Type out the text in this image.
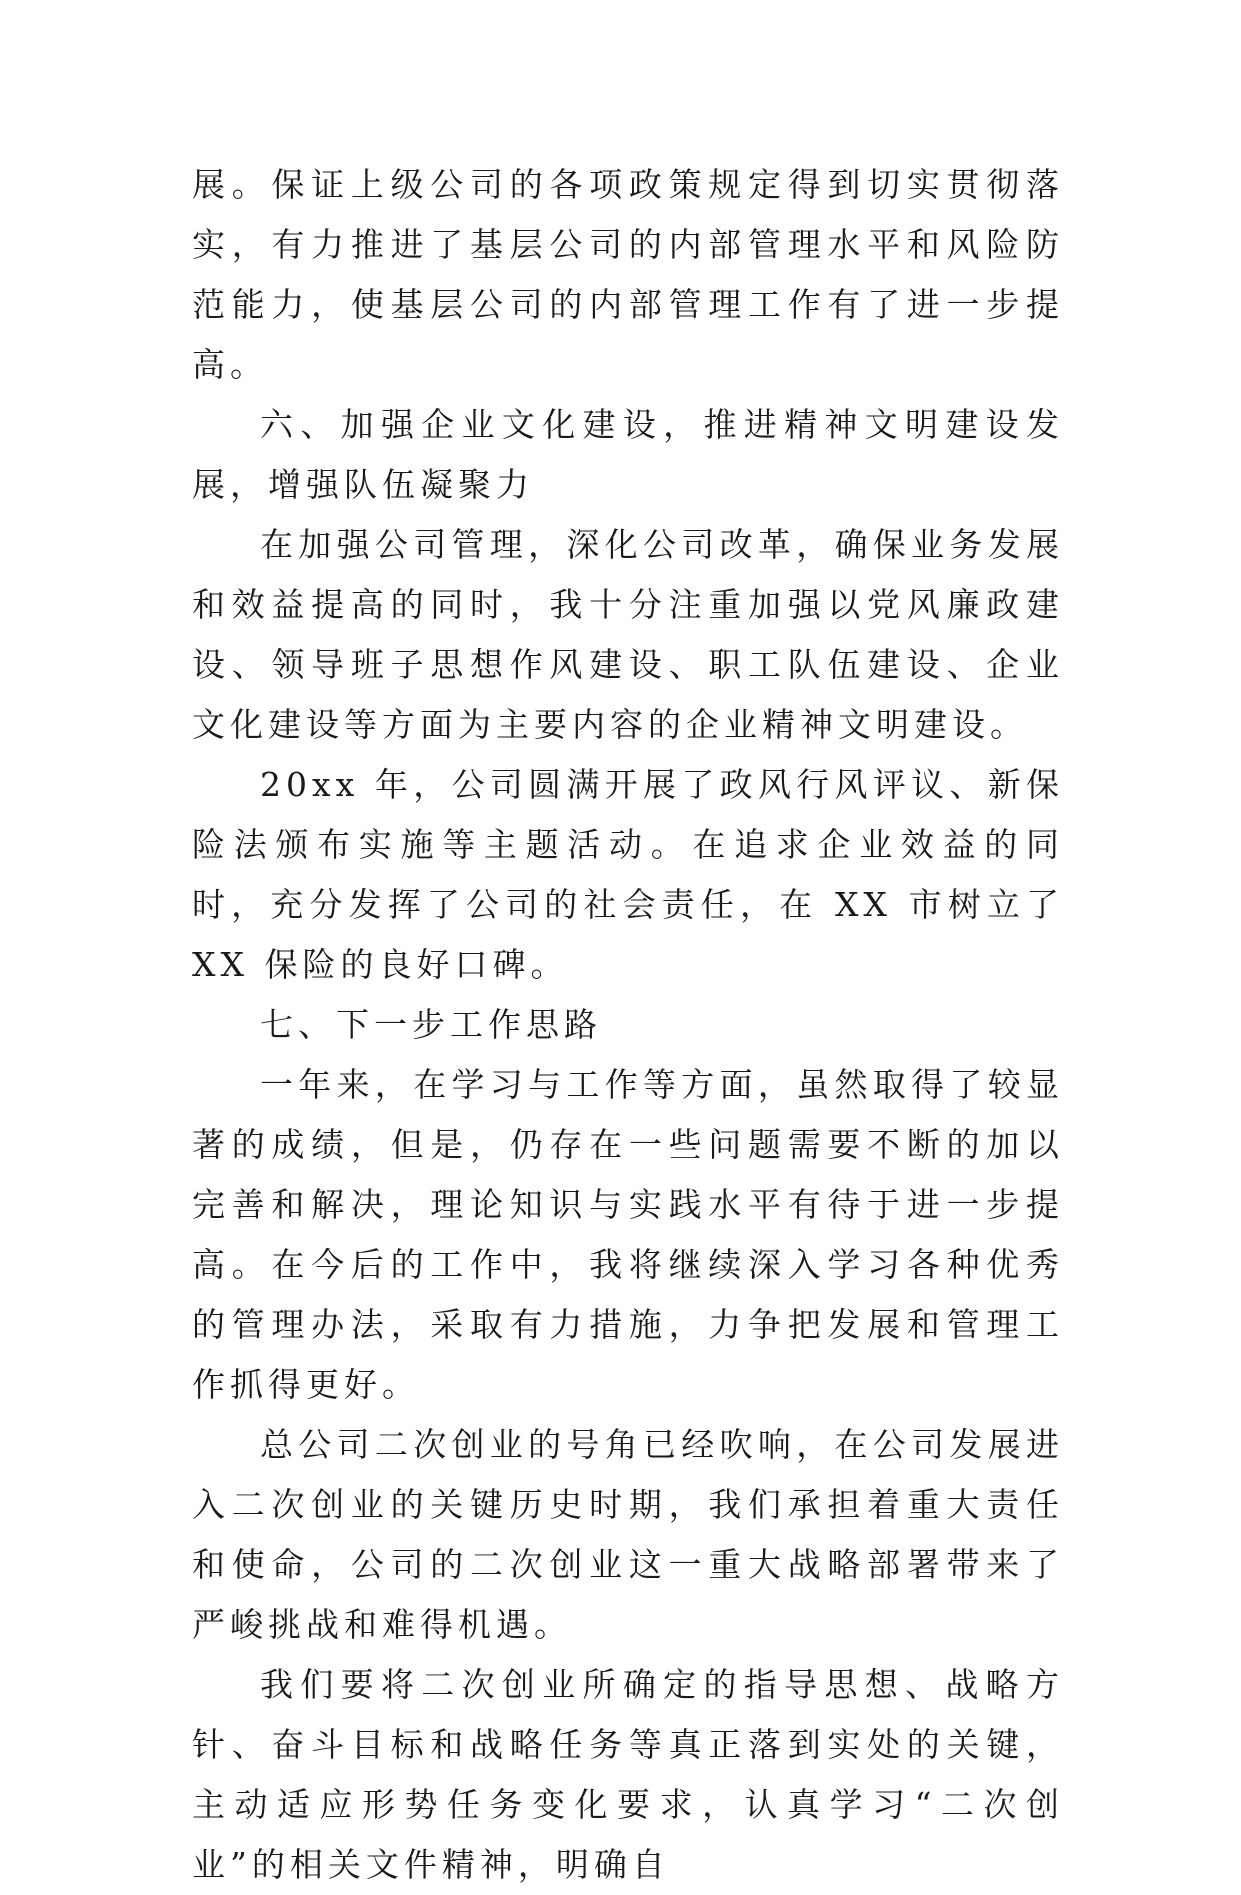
展。保证上级公司的各项政策规定得到切实贯彻落实，有力推进了基层公司的内部管理水平和风险防范能力，使基层公司的内部管理工作有了进一步提高。

六、加强企业文化建设，推进精神文明建设发展，增强队伍凝聚力

在加强公司管理，深化公司改革，确保业务发展和效益提高的同时，我十分注重加强以党风廉政建设、领导班子思想作风建设、职工队伍建设、企业文化建设等方面为主要内容的企业精神文明建设。

20xx 年，公司圆满开展了政风行风评议、新保险法颁布实施等主题活动。在追求企业效益的同时，充分发挥了公司的社会责任，在 XX 市树立了 XX 保险的良好口碑。

七、下一步工作思路

一年来，在学习与工作等方面，虽然取得了较显著的成绩，但是，仍存在一些问题需要不断的加以完善和解决，理论知识与实践水平有待于进一步提高。在今后的工作中，我将继续深入学习各种优秀的管理办法，采取有力措施，力争把发展和管理工作抓得更好。

总公司二次创业的号角已经吹响，在公司发展进入二次创业的关键历史时期，我们承担着重大责任和使命，公司的二次创业这一重大战略部署带来了严峻挑战和难得机遇。

我们要将二次创业所确定的指导思想、战略方针、奋斗目标和战略任务等真正落到实处的关键，主动适应形势任务变化要求，认真学习“二次创业”的相关文件精神，明确自
